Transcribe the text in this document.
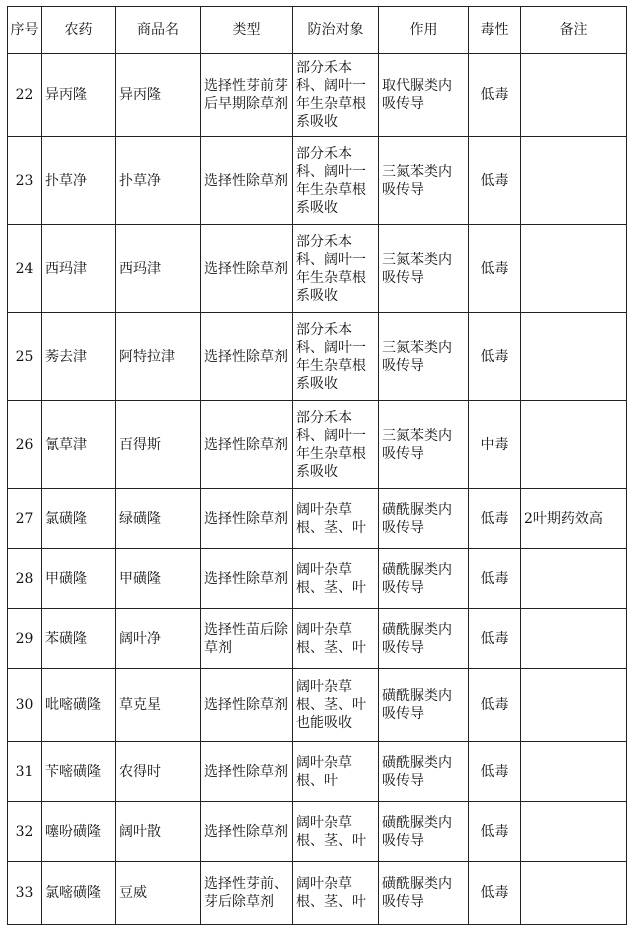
序号	农药	商品名	类型	防治对象	作用	毒性	备注
22	异丙隆	异丙隆	选择性芽前芽后早期除草剂	部分禾本科、阔叶一年生杂草根系吸收	取代脲类内吸传导	低毒	
23	扑草净	扑草净	选择性除草剂	部分禾本科、阔叶一年生杂草根系吸收	三氮苯类内吸传导	低毒	
24	西玛津	西玛津	选择性除草剂	部分禾本科、阔叶一年生杂草根系吸收	三氮苯类内吸传导	低毒	
25	莠去津	阿特拉津	选择性除草剂	部分禾本科、阔叶一年生杂草根系吸收	三氮苯类内吸传导	低毒	
26	氰草津	百得斯	选择性除草剂	部分禾本科、阔叶一年生杂草根系吸收	三氮苯类内吸传导	中毒	
27	氯磺隆	绿磺隆	选择性除草剂	阔叶杂草根、茎、叶	磺酰脲类内吸传导	低毒	2叶期药效高
28	甲磺隆	甲磺隆	选择性除草剂	阔叶杂草根、茎、叶	磺酰脲类内吸传导	低毒	
29	苯磺隆	阔叶净	选择性苗后除草剂	阔叶杂草根、茎、叶	磺酰脲类内吸传导	低毒	
30	吡嘧磺隆	草克星	选择性除草剂	阔叶杂草根、茎、叶也能吸收	磺酰脲类内吸传导	低毒	
31	苄嘧磺隆	农得时	选择性除草剂	阔叶杂草根、叶	磺酰脲类内吸传导	低毒	
32	噻吩磺隆	阔叶散	选择性除草剂	阔叶杂草根、茎、叶	磺酰脲类内吸传导	低毒	
33	氯嘧磺隆	豆威	选择性芽前、芽后除草剂	阔叶杂草根、茎、叶	磺酰脲类内吸传导	低毒	
